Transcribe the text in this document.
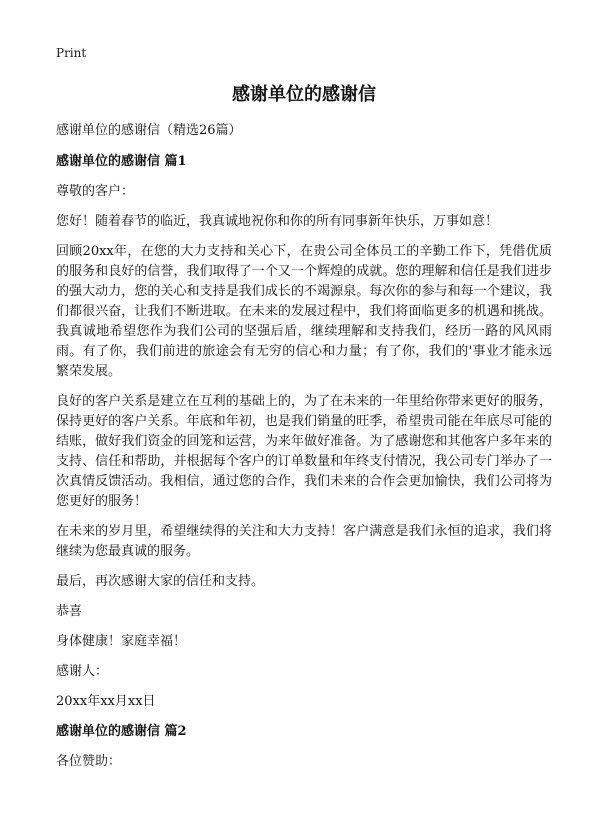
Print
感谢单位的感谢信

感谢单位的感谢信（精选26篇）

感谢单位的感谢信 篇1

尊敬的客户：

您好！随着春节的临近，我真诚地祝你和你的所有同事新年快乐，万事如意！

回顾20xx年，在您的大力支持和关心下，在贵公司全体员工的辛勤工作下，凭借优质的服务和良好的信誉，我们取得了一个又一个辉煌的成就。您的理解和信任是我们进步的强大动力，您的关心和支持是我们成长的不竭源泉。每次你的参与和每一个建议，我们都很兴奋，让我们不断进取。在未来的发展过程中，我们将面临更多的机遇和挑战。我真诚地希望您作为我们公司的坚强后盾，继续理解和支持我们，经历一路的风风雨雨。有了你，我们前进的旅途会有无穷的信心和力量；有了你，我们的'事业才能永远繁荣发展。

良好的客户关系是建立在互利的基础上的，为了在未来的一年里给你带来更好的服务，保持更好的客户关系。年底和年初，也是我们销量的旺季，希望贵司能在年底尽可能的结账，做好我们资金的回笼和运营，为来年做好准备。为了感谢您和其他客户多年来的支持、信任和帮助，并根据每个客户的订单数量和年终支付情况，我公司专门举办了一次真情反馈活动。我相信，通过您的合作，我们未来的合作会更加愉快，我们公司将为您更好的服务！

在未来的岁月里，希望继续得的关注和大力支持！客户满意是我们永恒的追求，我们将继续为您最真诚的服务。

最后，再次感谢大家的信任和支持。

恭喜

身体健康！家庭幸福！

感谢人：

20xx年xx月xx日

感谢单位的感谢信 篇2

各位赞助：
